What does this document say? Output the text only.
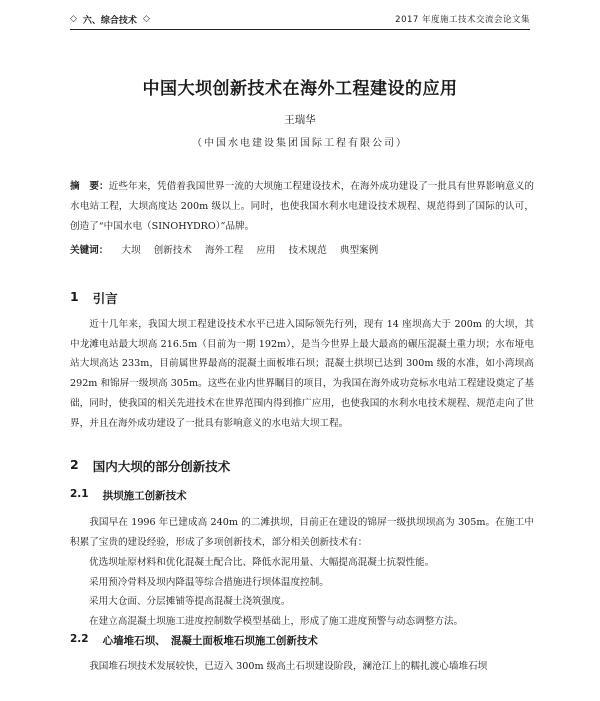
◇ 六、综合技术 ◇	2017 年度施工技术交流会论文集
中国大坝创新技术在海外工程建设的应用
王瑞华
（中国水电建设集团国际工程有限公司）
摘　要：近些年来，凭借着我国世界一流的大坝施工程建设技术，在海外成功建设了一批具有世界影响意义的水电站工程，大坝高度达 200m 级以上。同时，也使我国水利水电建设技术规程、规范得到了国际的认可，创造了“中国水电（SINOHYDRO）”品牌。
关键词： 大坝 创新技术 海外工程 应用 技术规范 典型案例
1 引言

近十几年来，我国大坝工程建设技术水平已进入国际领先行列，现有 14 座坝高大于 200m 的大坝，其中龙滩电站最大坝高 216.5m（目前为一期 192m），是当今世界上最大最高的碾压混凝土重力坝；水布垭电站大坝高达 233m，目前属世界最高的混凝土面板堆石坝；混凝土拱坝已达到 300m 级的水准，如小湾坝高 292m 和锦屏一级坝高 305m。这些在业内世界瞩目的项目，为我国在海外成功竞标水电站工程建设奠定了基础，同时，使我国的相关先进技术在世界范围内得到推广应用，也使我国的水利水电技术规程、规范走向了世界，并且在海外成功建设了一批具有影响意义的水电站大坝工程。

2 国内大坝的部分创新技术
2.1 拱坝施工创新技术

我国早在 1996 年已建成高 240m 的二滩拱坝，目前正在建设的锦屏一级拱坝坝高为 305m。在施工中积累了宝贵的建设经验，形成了多项创新技术，部分相关创新技术有：

优选坝址原材料和优化混凝土配合比、降低水泥用量、大幅提高混凝土抗裂性能。
采用预冷骨料及坝内降温等综合措施进行坝体温度控制。
采用大仓面、分层摊铺等提高混凝土浇筑强度。
在建立高混凝土坝施工进度控制数学模型基础上，形成了施工进度预警与动态调整方法。
2.2 心墙堆石坝、　混凝土面板堆石坝施工创新技术

我国堆石坝技术发展较快，已迈入 300m 级高土石坝建设阶段，澜沧江上的糯扎渡心墙堆石坝
